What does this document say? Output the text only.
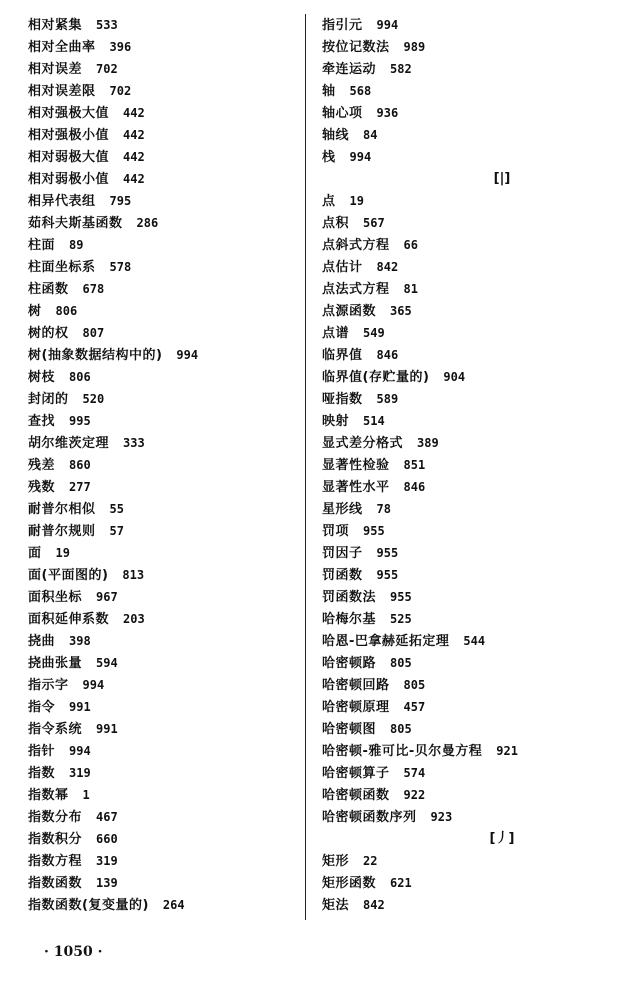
相对紧集 533
相对全曲率 396
相对误差 702
相对误差限 702
相对强极大值 442
相对强极小值 442
相对弱极大值 442
相对弱极小值 442
相异代表组 795
茹科夫斯基函数 286
柱面 89
柱面坐标系 578
柱函数 678
树 806
树的权 807
树(抽象数据结构中的) 994
树枝 806
封闭的 520
查找 995
胡尔维茨定理 333
残差 860
残数 277
耐普尔相似 55
耐普尔规则 57
面 19
面(平面图的) 813
面积坐标 967
面积延伸系数 203
挠曲 398
挠曲张量 594
指示字 994
指令 991
指令系统 991
指针 994
指数 319
指数幂 1
指数分布 467
指数积分 660
指数方程 319
指数函数 139
指数函数(复变量的) 264
指引元 994
按位记数法 989
牵连运动 582
轴 568
轴心项 936
轴线 84
栈 994
[|]
点 19
点积 567
点斜式方程 66
点估计 842
点法式方程 81
点源函数 365
点谱 549
临界值 846
临界值(存贮量的) 904
哑指数 589
映射 514
显式差分格式 389
显著性检验 851
显著性水平 846
星形线 78
罚项 955
罚因子 955
罚函数 955
罚函数法 955
哈梅尔基 525
哈恩-巴拿赫延拓定理 544
哈密顿路 805
哈密顿回路 805
哈密顿原理 457
哈密顿图 805
哈密顿-雅可比-贝尔曼方程 921
哈密顿算子 574
哈密顿函数 922
哈密顿函数序列 923
[丿]
矩形 22
矩形函数 621
矩法 842
· 1050 ·
